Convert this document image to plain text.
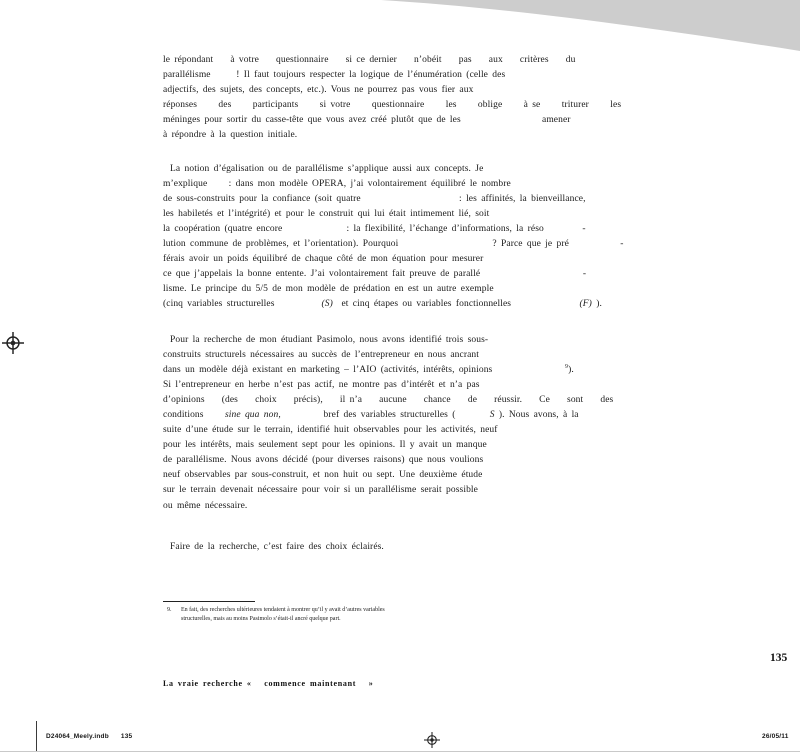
le répondant    à votre    questionnaire    si ce dernier    n’obéit    pas    aux    critères    du
parallélisme      ! Il faut toujours respecter la logique de l’énumération (celle des
adjectifs, des sujets, des concepts, etc.). Vous ne pourrez pas vous fier aux
réponses     des     participants     si votre     questionnaire     les     oblige     à se     triturer     les
méninges pour sortir du casse-tête que vous avez créé plutôt que de les                   amener
à répondre à la question initiale.
La notion d’égalisation ou de parallélisme s’applique aussi aux concepts. Je
m’explique     : dans mon modèle OPERA, j’ai volontairement équilibré le nombre
de sous-construits pour la confiance (soit quatre                       : les affinités, la bienveillance,
les habiletés et l’intégrité) et pour le construit qui lui était intimement lié, soit
la coopération (quatre encore               : la flexibilité, l’échange d’informations, la réso         -
lution commune de problèmes, et l’orientation). Pourquoi                      ? Parce que je pré            -
férais avoir un poids équilibré de chaque côté de mon équation pour mesurer
ce que j’appelais la bonne entente. J’ai volontairement fait preuve de parallé                        -
lisme. Le principe du 5/5 de mon modèle de prédation en est un autre exemple
(cinq variables structurelles           (S)  et cinq étapes ou variables fonctionnelles                (F) ).
Pour la recherche de mon étudiant Pasimolo, nous avons identifié trois sous-
construits structurels nécessaires au succès de l’entrepreneur en nous ancrant
dans un modèle déjà existant en marketing – l’AIO (activités, intérêts, opinions                 $^9$).
Si l’entrepreneur en herbe n’est pas actif, ne montre pas d’intérêt et n’a pas
d’opinions    (des    choix    précis),    il n’a    aucune    chance    de    réussir.    Ce    sont    des
conditions     sine qua non,          bref des variables structurelles (        S ). Nous avons, à la
suite d’une étude sur le terrain, identifié huit observables pour les activités, neuf
pour les intérêts, mais seulement sept pour les opinions. Il y avait un manque
de parallélisme. Nous avons décidé (pour diverses raisons) que nous voulions
neuf observables par sous-construit, et non huit ou sept. Une deuxième étude
sur le terrain devenait nécessaire pour voir si un parallélisme serait possible
ou même nécessaire.
Faire de la recherche, c’est faire des choix éclairés.
9.	En fait, des recherches ultérieures tendaient à montrer qu’il y avait d’autres variables
structurelles, mais au moins Pasimolo s’était-il ancré quelque part.
La vraie recherche «   commence maintenant   »
135
D24064_Meely.indb 135	26/05/11
